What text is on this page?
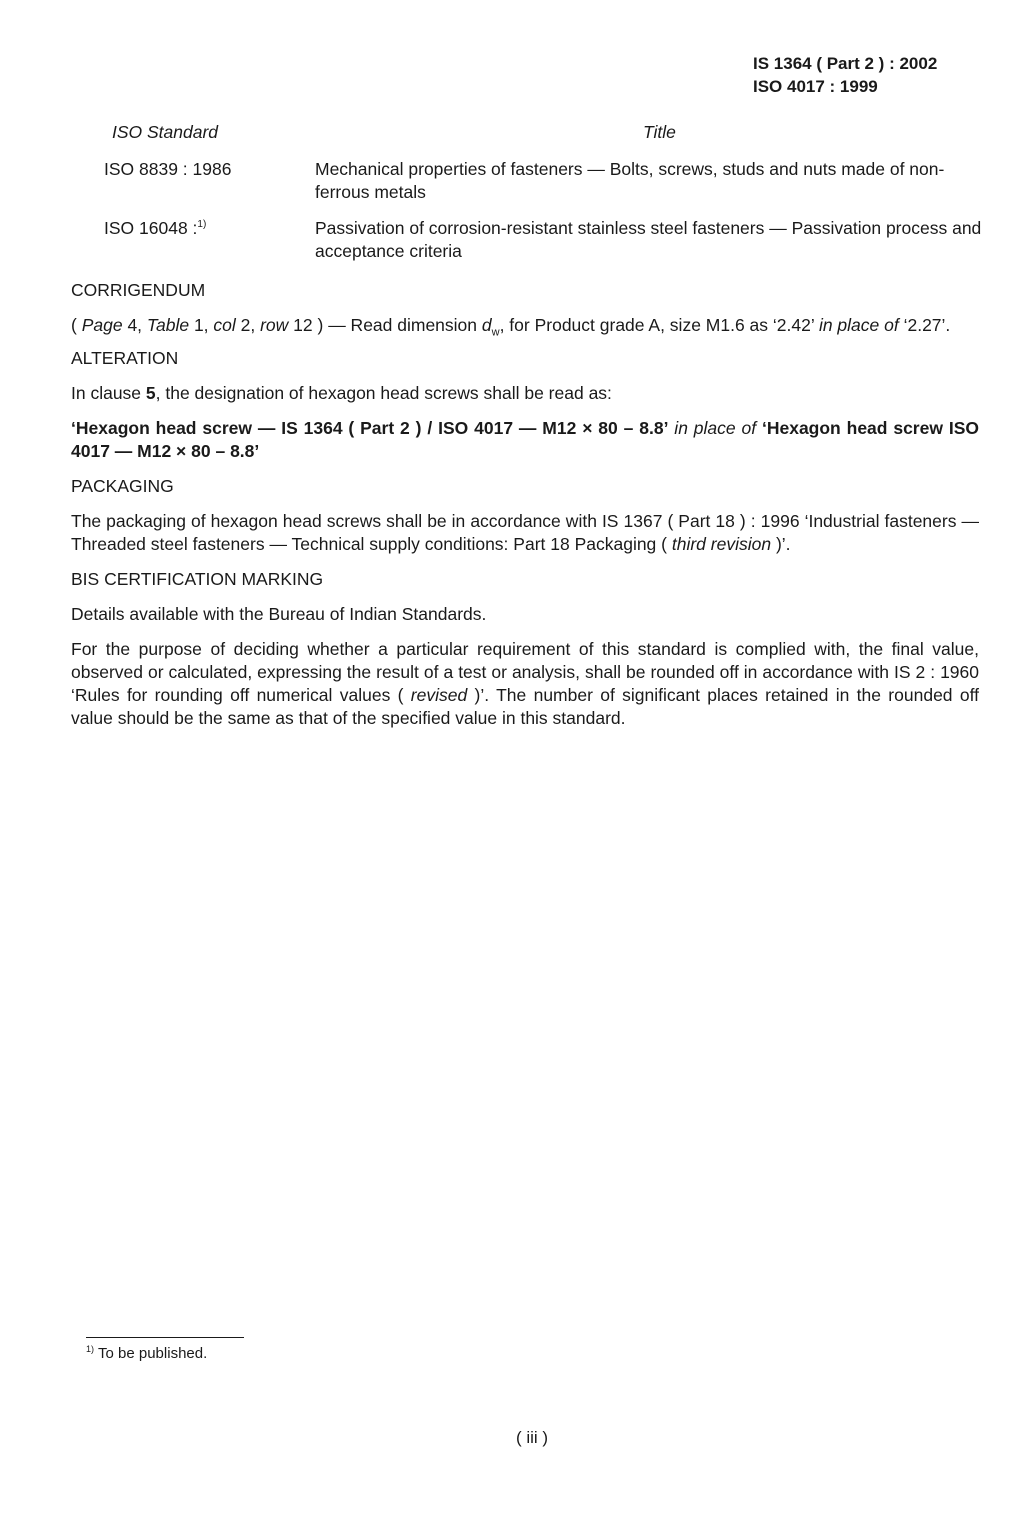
IS 1364 ( Part 2 ) : 2002
ISO 4017 : 1999
ISO Standard	Title
ISO 8839 : 1986	Mechanical properties of fasteners — Bolts, screws, studs and nuts made of non-ferrous metals
ISO 16048 :$^{1)}$	Passivation of corrosion-resistant stainless steel fasteners — Passivation process and acceptance criteria

CORRIGENDUM

( Page 4, Table 1, col 2, row 12 ) — Read dimension $d_w$, for Product grade A, size M1.6 as ‘2.42’ in place of ‘2.27’.

ALTERATION

In clause 5, the designation of hexagon head screws shall be read as:

‘Hexagon head screw — IS 1364 ( Part 2 ) / ISO 4017 — M12 × 80 – 8.8’ in place of ‘Hexagon head screw ISO 4017 — M12 × 80 – 8.8’

PACKAGING

The packaging of hexagon head screws shall be in accordance with IS 1367 ( Part 18 ) : 1996 ‘Industrial fasteners — Threaded steel fasteners — Technical supply conditions: Part 18 Packaging ( third revision )’.

BIS CERTIFICATION MARKING

Details available with the Bureau of Indian Standards.

For the purpose of deciding whether a particular requirement of this standard is complied with, the final value, observed or calculated, expressing the result of a test or analysis, shall be rounded off in accordance with IS 2 : 1960 ‘Rules for rounding off numerical values ( revised )’. The number of significant places retained in the rounded off value should be the same as that of the specified value in this standard.

$^{1)}$ To be published.
( iii )
